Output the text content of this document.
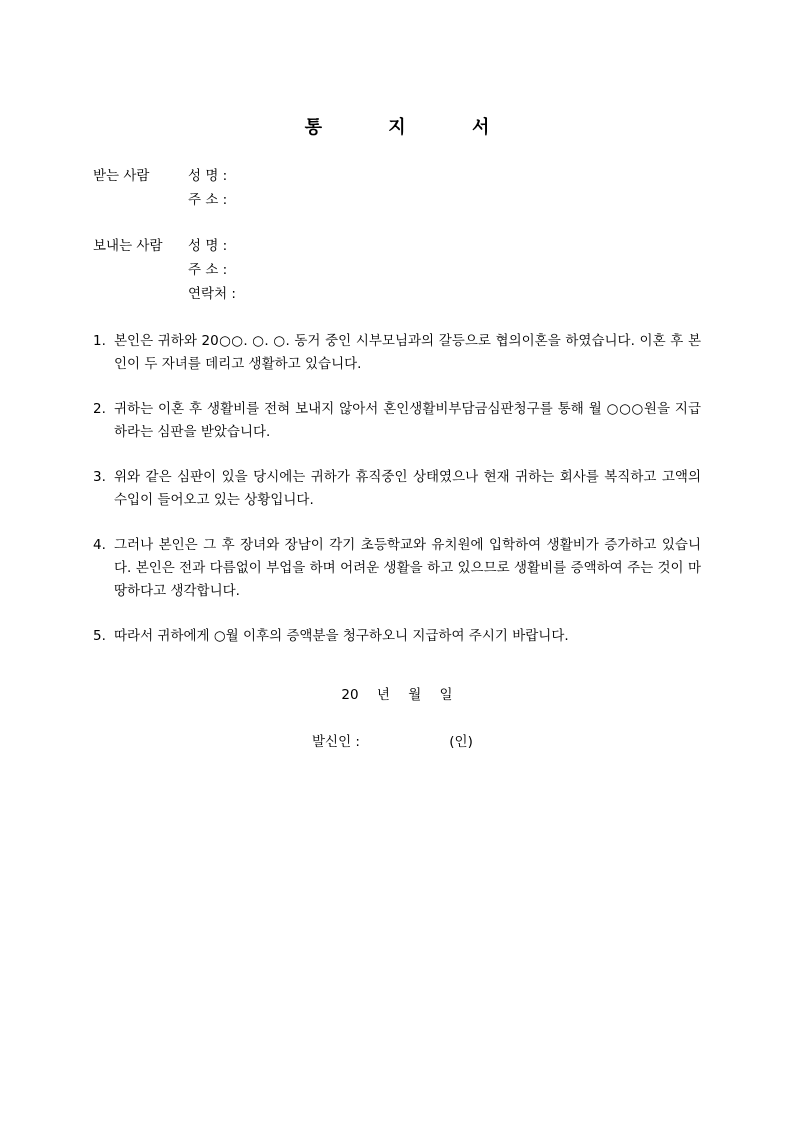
통 지 서
받는 사람	성 명 :
주 소 :
보내는 사람 성 명 :
주 소 :
연락처 :
1. 본인은 귀하와 20○○. ○. ○. 동거 중인 시부모님과의 갈등으로 협의이혼을 하였습니다. 이혼 후 본인이 두 자녀를 데리고 생활하고 있습니다.
2. 귀하는 이혼 후 생활비를 전혀 보내지 않아서 혼인생활비부담금심판청구를 통해 월 ○○○원을 지급하라는 심판을 받았습니다.
3. 위와 같은 심판이 있을 당시에는 귀하가 휴직중인 상태였으나 현재 귀하는 회사를 복직하고 고액의 수입이 들어오고 있는 상황입니다.
4. 그러나 본인은 그 후 장녀와 장남이 각기 초등학교와 유치원에 입학하여 생활비가 증가하고 있습니다. 본인은 전과 다름없이 부업을 하며 어려운 생활을 하고 있으므로 생활비를 증액하여 주는 것이 마땅하다고 생각합니다.
5. 따라서 귀하에게 ○월 이후의 증액분을 청구하오니 지급하여 주시기 바랍니다.
20 년 월 일
발신인 :	(인)
